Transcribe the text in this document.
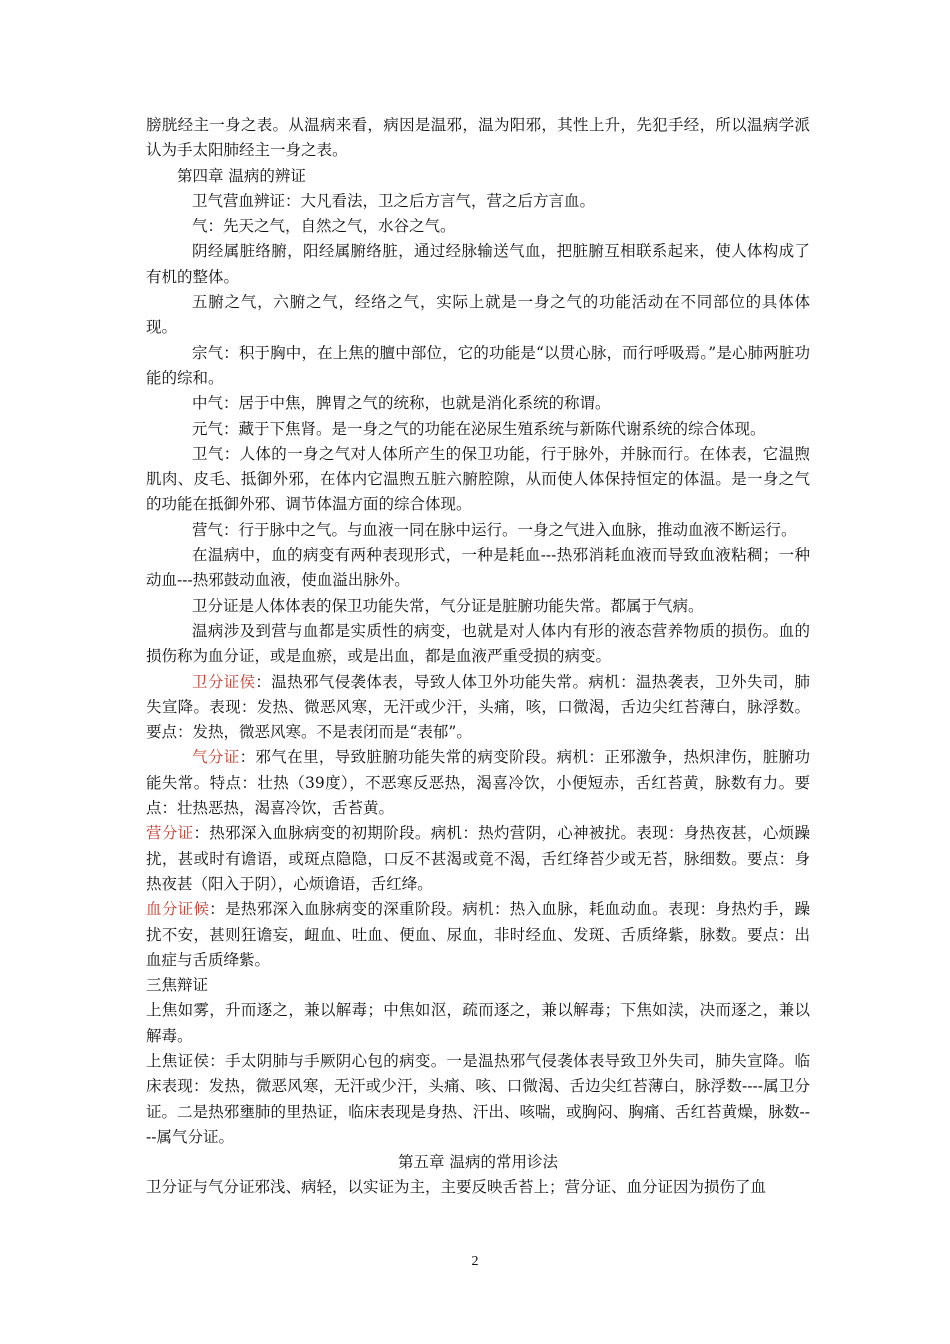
膀胱经主一身之表。从温病来看，病因是温邪，温为阳邪，其性上升，先犯手经，所以温病学派认为手太阳肺经主一身之表。

第四章 温病的辨证

卫气营血辨证：大凡看法，卫之后方言气，营之后方言血。

气：先天之气，自然之气，水谷之气。

阴经属脏络腑，阳经属腑络脏，通过经脉输送气血，把脏腑互相联系起来，使人体构成了有机的整体。

五腑之气，六腑之气，经络之气，实际上就是一身之气的功能活动在不同部位的具体体现。

宗气：积于胸中，在上焦的膻中部位，它的功能是“以贯心脉，而行呼吸焉。”是心肺两脏功能的综和。

中气：居于中焦，脾胃之气的统称，也就是消化系统的称谓。

元气：藏于下焦肾。是一身之气的功能在泌尿生殖系统与新陈代谢系统的综合体现。

卫气：人体的一身之气对人体所产生的保卫功能，行于脉外，并脉而行。在体表，它温煦肌肉、皮毛、抵御外邪，在体内它温煦五脏六腑腔隙，从而使人体保持恒定的体温。是一身之气的功能在抵御外邪、调节体温方面的综合体现。

营气：行于脉中之气。与血液一同在脉中运行。一身之气进入血脉，推动血液不断运行。

在温病中，血的病变有两种表现形式，一种是耗血---热邪消耗血液而导致血液粘稠；一种动血---热邪鼓动血液，使血溢出脉外。

卫分证是人体体表的保卫功能失常，气分证是脏腑功能失常。都属于气病。

温病涉及到营与血都是实质性的病变，也就是对人体内有形的液态营养物质的损伤。血的损伤称为血分证，或是血瘀，或是出血，都是血液严重受损的病变。

卫分证侯：温热邪气侵袭体表，导致人体卫外功能失常。病机：温热袭表，卫外失司，肺失宣降。表现：发热、微恶风寒，无汗或少汗，头痛，咳，口微渴，舌边尖红苔薄白，脉浮数。要点：发热，微恶风寒。不是表闭而是“表郁”。

气分证：邪气在里，导致脏腑功能失常的病变阶段。病机：正邪激争，热炽津伤，脏腑功能失常。特点：壮热（39度），不恶寒反恶热，渴喜冷饮，小便短赤，舌红苔黄，脉数有力。要点：壮热恶热，渴喜冷饮，舌苔黄。

营分证：热邪深入血脉病变的初期阶段。病机：热灼营阴，心神被扰。表现：身热夜甚，心烦躁扰，甚或时有谵语，或斑点隐隐，口反不甚渴或竟不渴，舌红绛苔少或无苔，脉细数。要点：身热夜甚（阳入于阴），心烦谵语，舌红绛。

血分证候：是热邪深入血脉病变的深重阶段。病机：热入血脉，耗血动血。表现：身热灼手，躁扰不安，甚则狂谵妄，衄血、吐血、便血、尿血，非时经血、发斑、舌质绛紫，脉数。要点：出血症与舌质绛紫。

三焦辩证

上焦如雾，升而逐之，兼以解毒；中焦如沤，疏而逐之，兼以解毒；下焦如渎，决而逐之，兼以解毒。

上焦证侯：手太阴肺与手厥阴心包的病变。一是温热邪气侵袭体表导致卫外失司，肺失宣降。临床表现：发热，微恶风寒，无汗或少汗，头痛、咳、口微渴、舌边尖红苔薄白，脉浮数----属卫分证。二是热邪壅肺的里热证，临床表现是身热、汗出、咳喘，或胸闷、胸痛、舌红苔黄燥，脉数----属气分证。

第五章 温病的常用诊法

卫分证与气分证邪浅、病轻，以实证为主，主要反映舌苔上；营分证、血分证因为损伤了血

2
